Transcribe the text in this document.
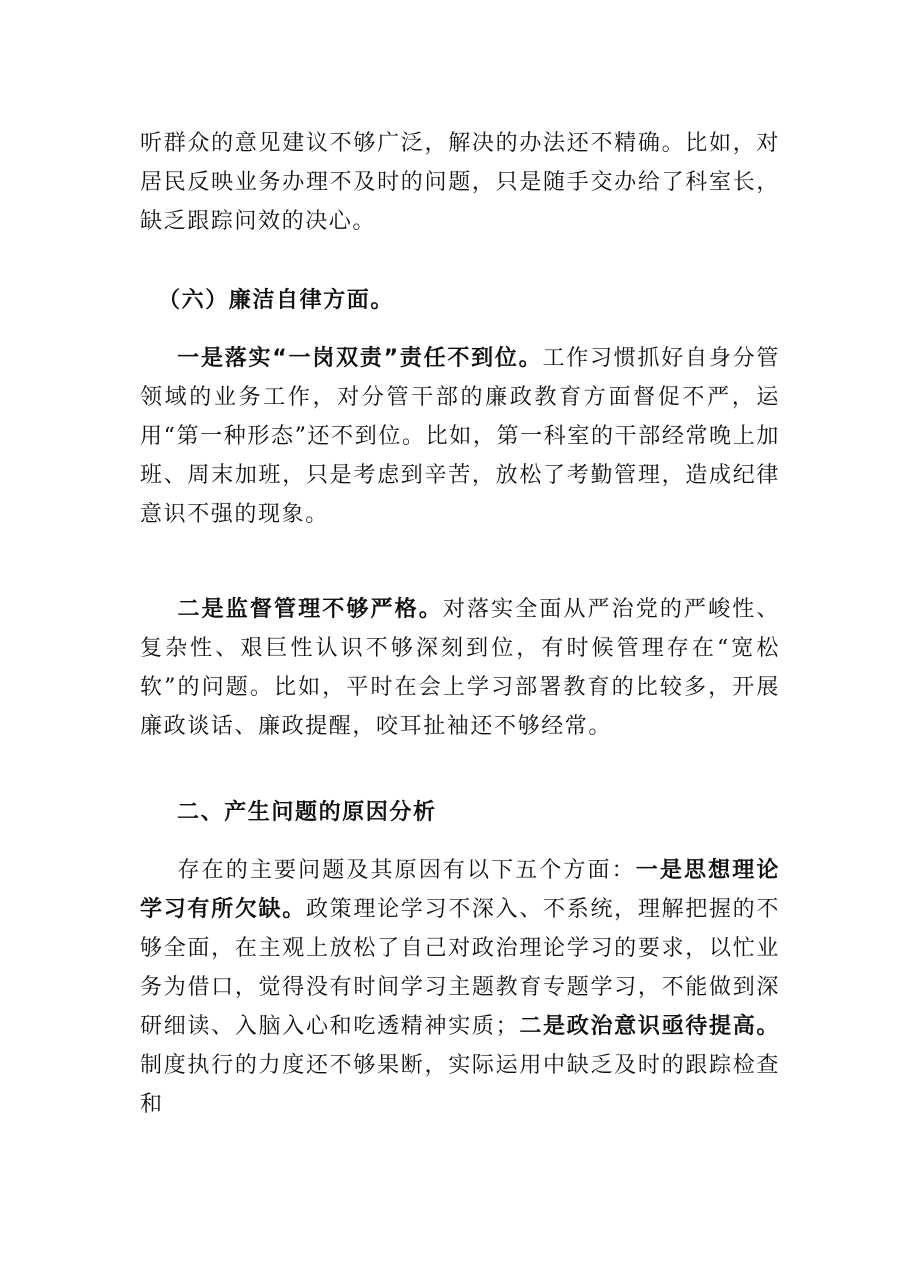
听群众的意见建议不够广泛，解决的办法还不精确。比如，对居民反映业务办理不及时的问题，只是随手交办给了科室长，缺乏跟踪问效的决心。

（六）廉洁自律方面。

一是落实“一岗双责”责任不到位。工作习惯抓好自身分管领域的业务工作，对分管干部的廉政教育方面督促不严，运用“第一种形态”还不到位。比如，第一科室的干部经常晚上加班、周末加班，只是考虑到辛苦，放松了考勤管理，造成纪律意识不强的现象。

二是监督管理不够严格。对落实全面从严治党的严峻性、复杂性、艰巨性认识不够深刻到位，有时候管理存在“宽松软”的问题。比如，平时在会上学习部署教育的比较多，开展廉政谈话、廉政提醒，咬耳扯袖还不够经常。

二、产生问题的原因分析

存在的主要问题及其原因有以下五个方面：一是思想理论学习有所欠缺。政策理论学习不深入、不系统，理解把握的不够全面，在主观上放松了自己对政治理论学习的要求，以忙业务为借口，觉得没有时间学习主题教育专题学习，不能做到深研细读、入脑入心和吃透精神实质；二是政治意识亟待提高。制度执行的力度还不够果断，实际运用中缺乏及时的跟踪检查和
